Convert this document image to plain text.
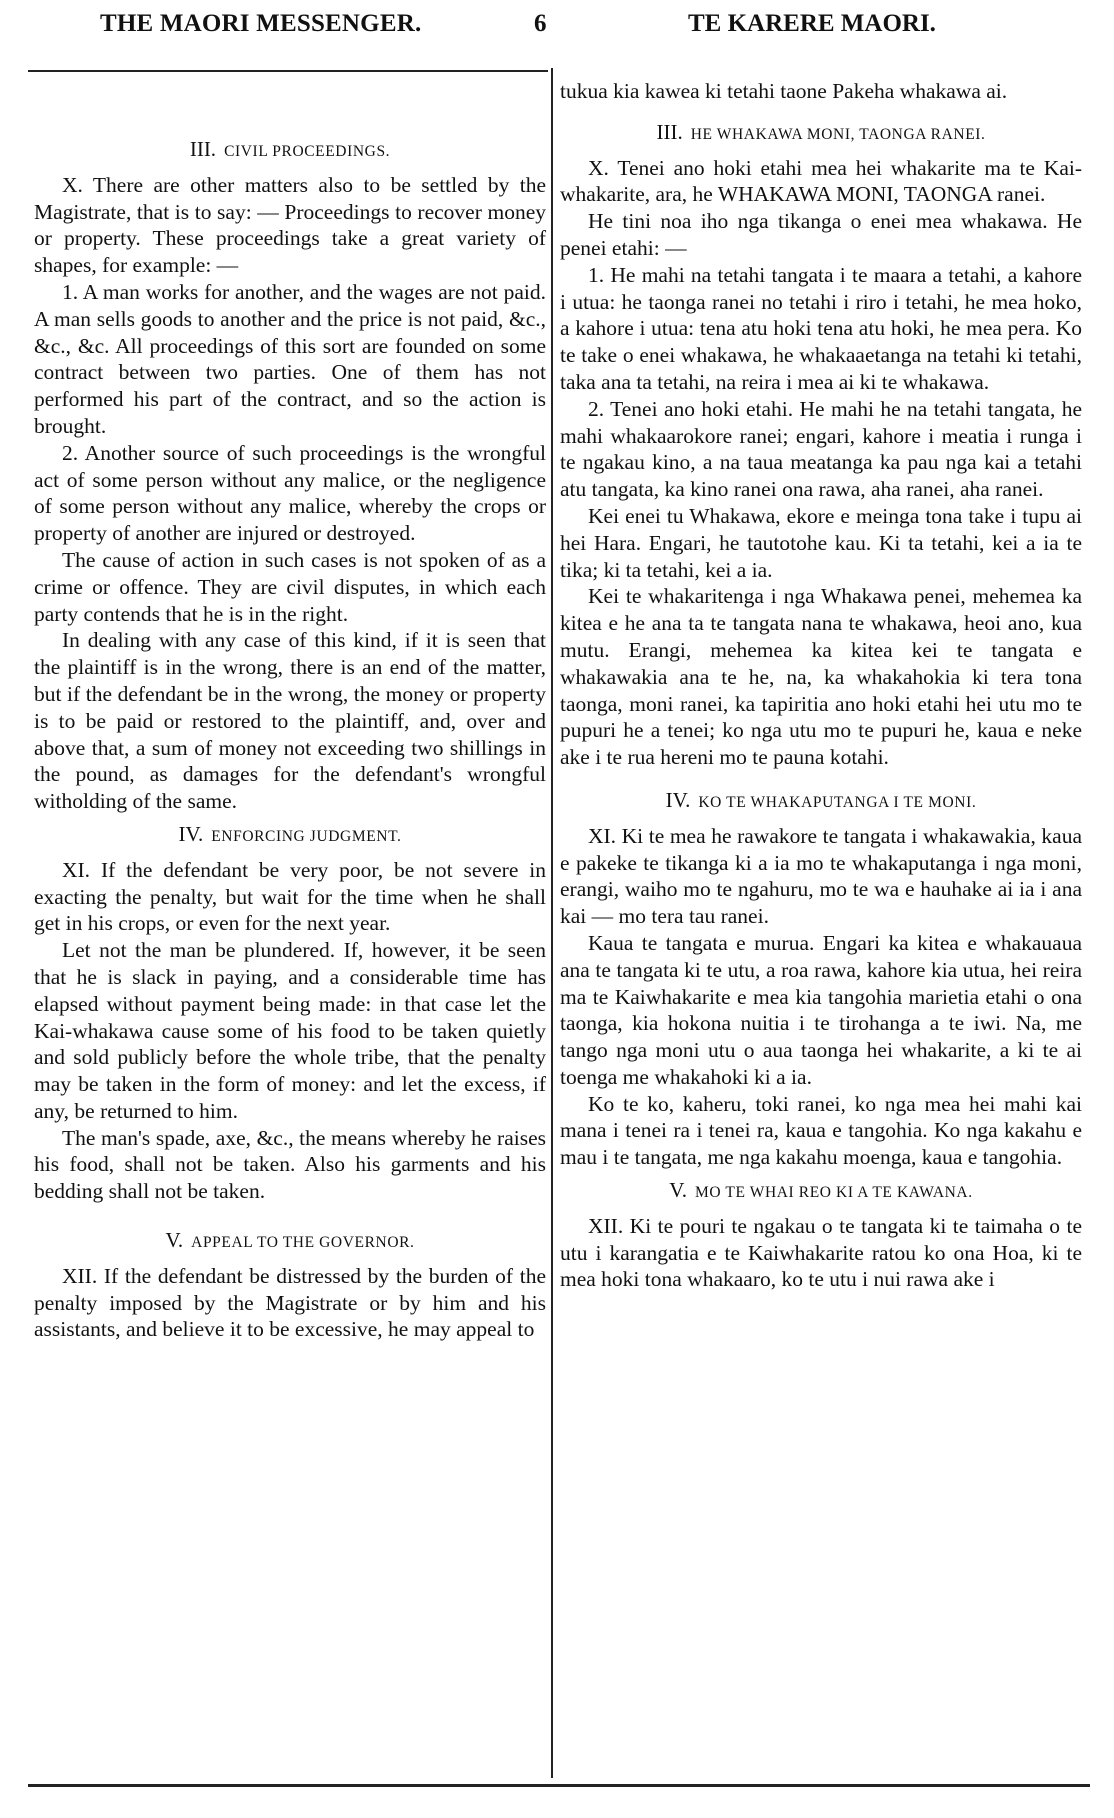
THE MAORI MESSENGER.	6	TE KARERE MAORI.
III. CIVIL PROCEEDINGS.

X. There are other matters also to be settled by the Magistrate, that is to say: — Proceedings to recover money or property. These proceedings take a great variety of shapes, for example: —

1. A man works for another, and the wages are not paid. A man sells goods to another and the price is not paid, &c., &c., &c. All proceedings of this sort are founded on some contract between two parties. One of them has not performed his part of the contract, and so the action is brought.

2. Another source of such proceedings is the wrongful act of some person without any malice, or the negligence of some person without any malice, whereby the crops or property of another are injured or destroyed.

The cause of action in such cases is not spoken of as a crime or offence. They are civil disputes, in which each party contends that he is in the right.

In dealing with any case of this kind, if it is seen that the plaintiff is in the wrong, there is an end of the matter, but if the defendant be in the wrong, the money or property is to be paid or restored to the plaintiff, and, over and above that, a sum of money not exceeding two shillings in the pound, as damages for the defendant's wrongful witholding of the same.

IV. ENFORCING JUDGMENT.

XI. If the defendant be very poor, be not severe in exacting the penalty, but wait for the time when he shall get in his crops, or even for the next year.

Let not the man be plundered. If, however, it be seen that he is slack in paying, and a considerable time has elapsed without payment being made: in that case let the Kai-whakawa cause some of his food to be taken quietly and sold publicly before the whole tribe, that the penalty may be taken in the form of money: and let the excess, if any, be returned to him.

The man's spade, axe, &c., the means whereby he raises his food, shall not be taken. Also his garments and his bedding shall not be taken.

V. APPEAL TO THE GOVERNOR.

XII. If the defendant be distressed by the burden of the penalty imposed by the Magistrate or by him and his assistants, and believe it to be excessive, he may appeal to

tukua kia kawea ki tetahi taone Pakeha whakawa ai.

III. HE WHAKAWA MONI, TAONGA RANEI.

X. Tenei ano hoki etahi mea hei whakarite ma te Kai-whakarite, ara, he WHAKAWA MONI, TAONGA ranei.

He tini noa iho nga tikanga o enei mea whakawa. He penei etahi: —

1. He mahi na tetahi tangata i te maara a tetahi, a kahore i utua: he taonga ranei no tetahi i riro i tetahi, he mea hoko, a kahore i utua: tena atu hoki tena atu hoki, he mea pera. Ko te take o enei whakawa, he whakaaetanga na tetahi ki tetahi, taka ana ta tetahi, na reira i mea ai ki te whakawa.

2. Tenei ano hoki etahi. He mahi he na tetahi tangata, he mahi whakaarokore ranei; engari, kahore i meatia i runga i te ngakau kino, a na taua meatanga ka pau nga kai a tetahi atu tangata, ka kino ranei ona rawa, aha ranei, aha ranei.

Kei enei tu Whakawa, ekore e meinga tona take i tupu ai hei Hara. Engari, he tautotohe kau. Ki ta tetahi, kei a ia te tika; ki ta tetahi, kei a ia.

Kei te whakaritenga i nga Whakawa penei, mehemea ka kitea e he ana ta te tangata nana te whakawa, heoi ano, kua mutu. Erangi, mehemea ka kitea kei te tangata e whakawakia ana te he, na, ka whakahokia ki tera tona taonga, moni ranei, ka tapiritia ano hoki etahi hei utu mo te pupuri he a tenei; ko nga utu mo te pupuri he, kaua e neke ake i te rua hereni mo te pauna kotahi.

IV. KO TE WHAKAPUTANGA I TE MONI.

XI. Ki te mea he rawakore te tangata i whakawakia, kaua e pakeke te tikanga ki a ia mo te whakaputanga i nga moni, erangi, waiho mo te ngahuru, mo te wa e hauhake ai ia i ana kai — mo tera tau ranei.

Kaua te tangata e murua. Engari ka kitea e whakauaua ana te tangata ki te utu, a roa rawa, kahore kia utua, hei reira ma te Kaiwhakarite e mea kia tangohia marietia etahi o ona taonga, kia hokona nuitia i te tirohanga a te iwi. Na, me tango nga moni utu o aua taonga hei whakarite, a ki te ai toenga me whakahoki ki a ia.

Ko te ko, kaheru, toki ranei, ko nga mea hei mahi kai mana i tenei ra i tenei ra, kaua e tangohia. Ko nga kakahu e mau i te tangata, me nga kakahu moenga, kaua e tangohia.

V. MO TE WHAI REO KI A TE KAWANA.

XII. Ki te pouri te ngakau o te tangata ki te taimaha o te utu i karangatia e te Kaiwhakarite ratou ko ona Hoa, ki te mea hoki tona whakaaro, ko te utu i nui rawa ake i
